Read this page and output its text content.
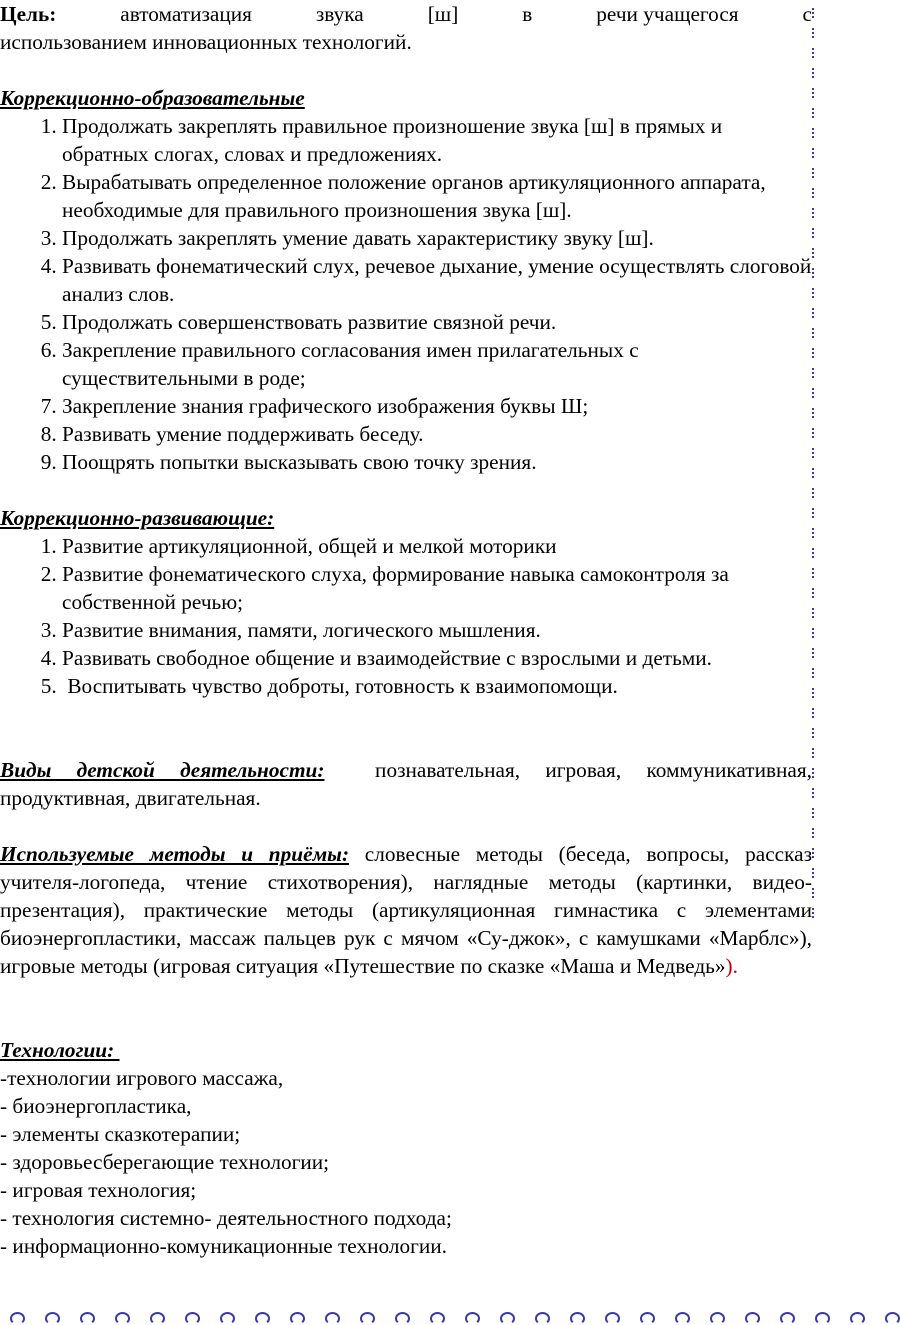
Цель:	автоматизация	звука	[ш]	в	речи учащегося	с
использованием инновационных технологий.
Коррекционно-образовательные
1. Продолжать закреплять правильное произношение звука [ш] в прямых и обратных слогах, словах и предложениях.
2. Вырабатывать определенное положение органов артикуляционного аппарата, необходимые для правильного произношения звука [ш].
3. Продолжать закреплять умение давать характеристику звуку [ш].
4. Развивать фонематический слух, речевое дыхание, умение осуществлять слоговой анализ слов.
5. Продолжать совершенствовать развитие связной речи.
6. Закрепление правильного согласования имен прилагательных с существительными в роде;
7. Закрепление знания графического изображения буквы Ш;
8. Развивать умение поддерживать беседу.
9. Поощрять попытки высказывать свою точку зрения.
Коррекционно-развивающие:
1. Развитие артикуляционной, общей и мелкой моторики
2. Развитие фонематического слуха, формирование навыка самоконтроля за собственной речью;
3. Развитие внимания, памяти, логического мышления.
4. Развивать свободное общение и взаимодействие с взрослыми и детьми.
5.  Воспитывать чувство доброты, готовность к взаимопомощи.

Виды детской деятельности:  познавательная, игровая, коммуникативная, продуктивная, двигательная.

Используемые методы и приёмы: словесные методы (беседа, вопросы, рассказ учителя-логопеда, чтение стихотворения), наглядные методы (картинки, видео-презентация), практические методы (артикуляционная гимнастика с элементами биоэнергопластики, массаж пальцев рук с мячом «Су-джок», с камушками «Марблс»), игровые методы (игровая ситуация «Путешествие по сказке «Маша и Медведь»).

Технологии:
-технологии игрового массажа,
- биоэнергопластика,
- элементы сказкотерапии;
- здоровьесберегающие технологии;
- игровая технология;
- технология системно- деятельностного подхода;
- информационно-комуникационные технологии.
